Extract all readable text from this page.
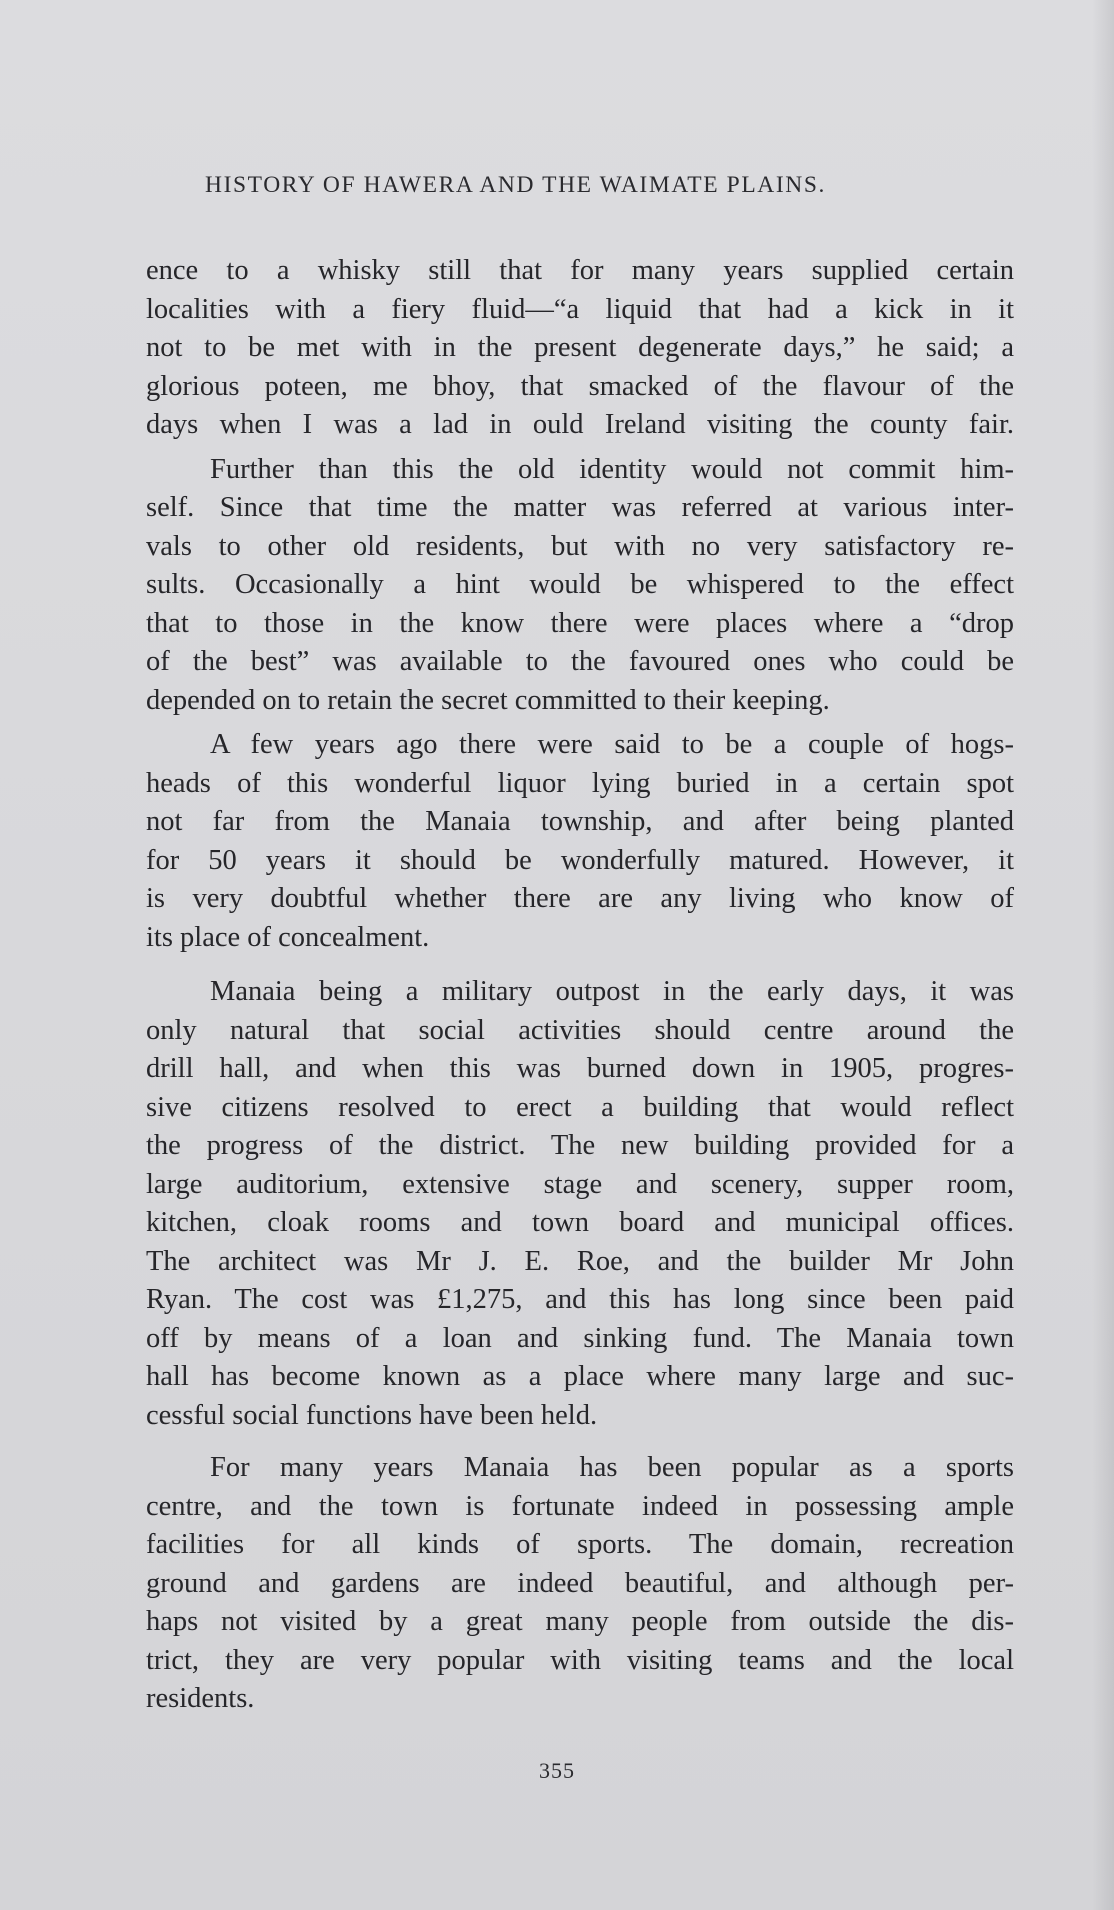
HISTORY OF HAWERA AND THE WAIMATE PLAINS.
ence to a whisky still that for many years supplied certain
localities with a fiery fluid—“a liquid that had a kick in it
not to be met with in the present degenerate days,” he said; a
glorious poteen, me bhoy, that smacked of the flavour of the
days when I was a lad in ould Ireland visiting the county fair.
Further than this the old identity would not commit him-
self. Since that time the matter was referred at various inter-
vals to other old residents, but with no very satisfactory re-
sults. Occasionally a hint would be whispered to the effect
that to those in the know there were places where a “drop
of the best” was available to the favoured ones who could be
depended on to retain the secret committed to their keeping.
A few years ago there were said to be a couple of hogs-
heads of this wonderful liquor lying buried in a certain spot
not far from the Manaia township, and after being planted
for 50 years it should be wonderfully matured. However, it
is very doubtful whether there are any living who know of
its place of concealment.
Manaia being a military outpost in the early days, it was
only natural that social activities should centre around the
drill hall, and when this was burned down in 1905, progres-
sive citizens resolved to erect a building that would reflect
the progress of the district. The new building provided for a
large auditorium, extensive stage and scenery, supper room,
kitchen, cloak rooms and town board and municipal offices.
The architect was Mr J. E. Roe, and the builder Mr John
Ryan. The cost was £1,275, and this has long since been paid
off by means of a loan and sinking fund. The Manaia town
hall has become known as a place where many large and suc-
cessful social functions have been held.
For many years Manaia has been popular as a sports
centre, and the town is fortunate indeed in possessing ample
facilities for all kinds of sports. The domain, recreation
ground and gardens are indeed beautiful, and although per-
haps not visited by a great many people from outside the dis-
trict, they are very popular with visiting teams and the local
residents.
355
